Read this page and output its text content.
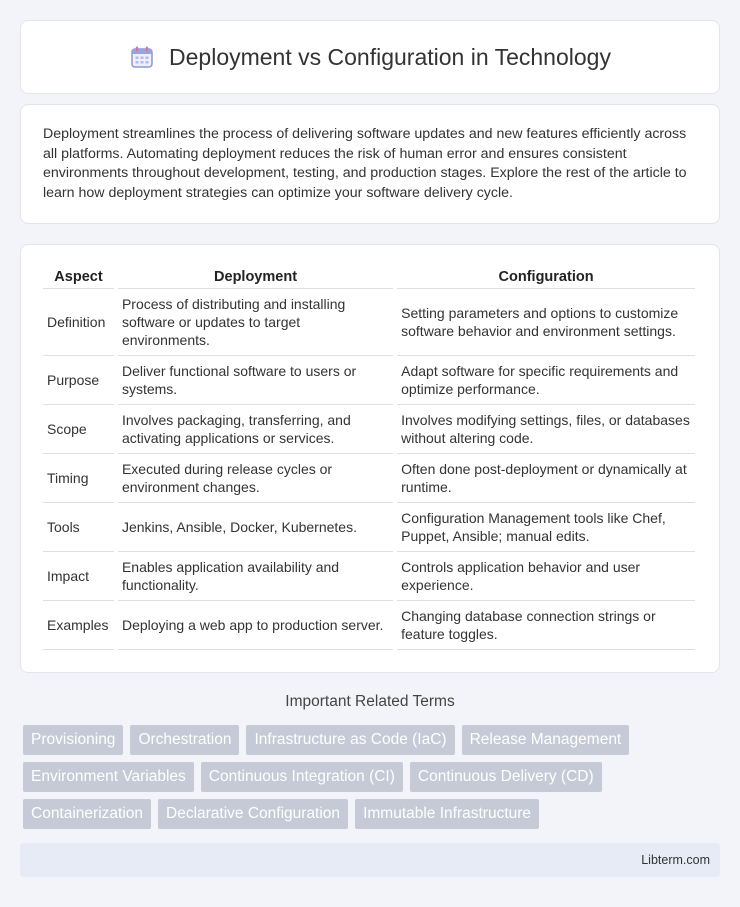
Deployment vs Configuration in Technology

Deployment streamlines the process of delivering software updates and new features efficiently across all platforms. Automating deployment reduces the risk of human error and ensures consistent environments throughout development, testing, and production stages. Explore the rest of the article to learn how deployment strategies can optimize your software delivery cycle.

Aspect	Deployment	Configuration
Definition	Process of distributing and installing software or updates to target environments.	Setting parameters and options to customize software behavior and environment settings.
Purpose	Deliver functional software to users or systems.	Adapt software for specific requirements and optimize performance.
Scope	Involves packaging, transferring, and activating applications or services.	Involves modifying settings, files, or databases without altering code.
Timing	Executed during release cycles or environment changes.	Often done post-deployment or dynamically at runtime.
Tools	Jenkins, Ansible, Docker, Kubernetes.	Configuration Management tools like Chef, Puppet, Ansible; manual edits.
Impact	Enables application availability and functionality.	Controls application behavior and user experience.
Examples	Deploying a web app to production server.	Changing database connection strings or feature toggles.
Important Related Terms
Provisioning	Orchestration	Infrastructure as Code (IaC)	Release Management
Environment Variables	Continuous Integration (CI)	Continuous Delivery (CD)
Containerization	Declarative Configuration	Immutable Infrastructure
Libterm.com
